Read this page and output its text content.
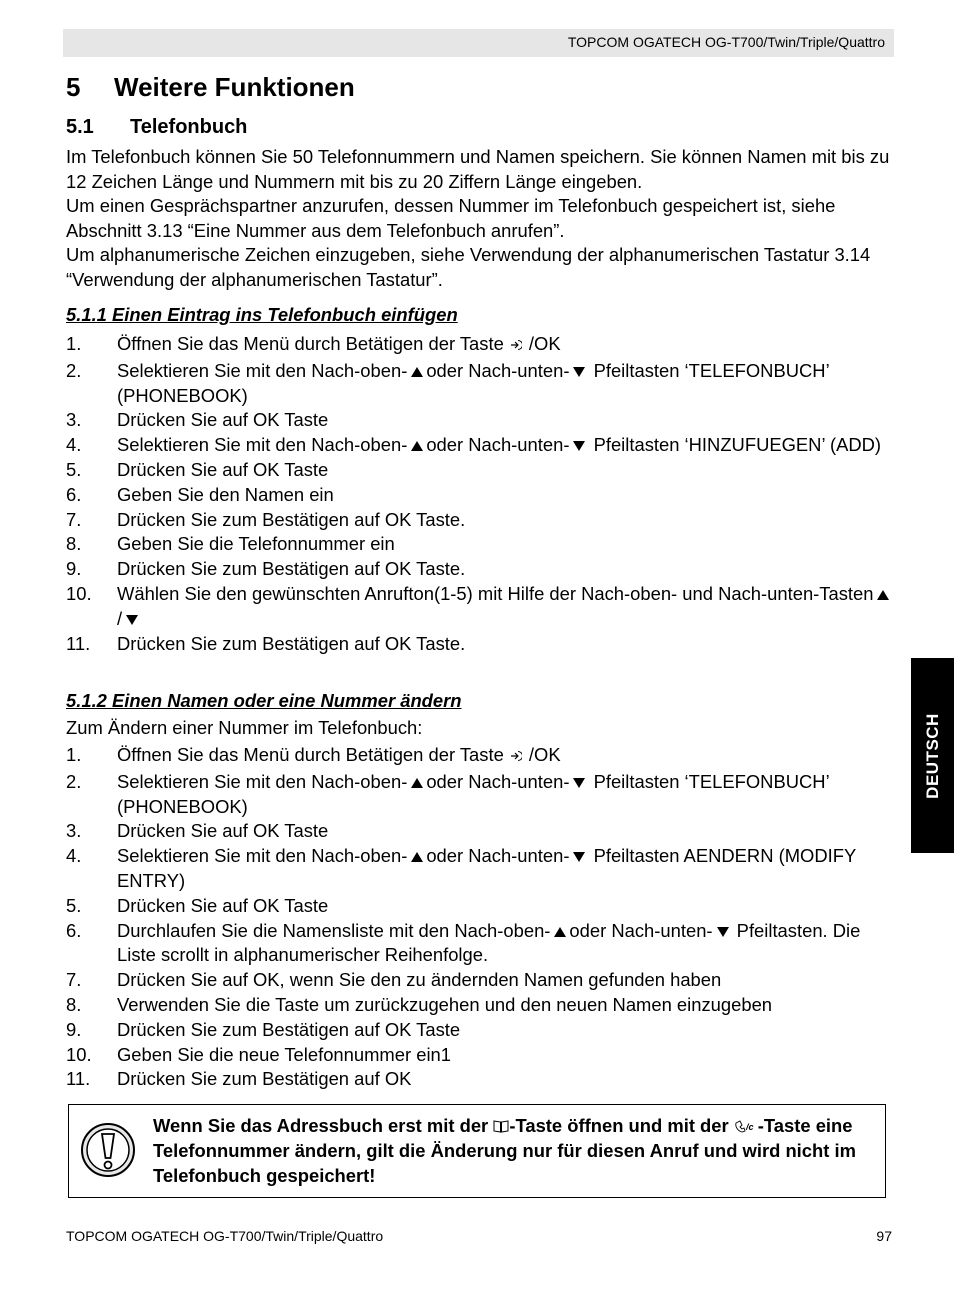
TOPCOM OGATECH OG-T700/Twin/Triple/Quattro
5 Weitere Funktionen
5.1 Telefonbuch

Im Telefonbuch können Sie 50 Telefonnummern und Namen speichern. Sie können Namen mit bis zu 12 Zeichen Länge und Nummern mit bis zu 20 Ziffern Länge eingeben.

Um einen Gesprächspartner anzurufen, dessen Nummer im Telefonbuch gespeichert ist, siehe Abschnitt 3.13 “Eine Nummer aus dem Telefonbuch anrufen”.

Um alphanumerische Zeichen einzugeben, siehe Verwendung der alphanumerischen Tastatur 3.14 “Verwendung der alphanumerischen Tastatur”.

5.1.1 Einen Eintrag ins Telefonbuch einfügen
1.	Öffnen Sie das Menü durch Betätigen der Taste /OK
2.	Selektieren Sie mit den Nach-oben- oder Nach-unten- Pfeiltasten ‘TELEFONBUCH’ (PHONEBOOK)
3.	Drücken Sie auf OK Taste
4.	Selektieren Sie mit den Nach-oben- oder Nach-unten- Pfeiltasten ‘HINZUFUEGEN’ (ADD)
5.	Drücken Sie auf OK Taste
6.	Geben Sie den Namen ein
7.	Drücken Sie zum Bestätigen auf OK Taste.
8.	Geben Sie die Telefonnummer ein
9.	Drücken Sie zum Bestätigen auf OK Taste.
10.	Wählen Sie den gewünschten Anrufton(1-5) mit Hilfe der Nach-oben- und Nach-unten-Tasten/
11.	Drücken Sie zum Bestätigen auf OK Taste.
5.1.2 Einen Namen oder eine Nummer ändern
Zum Ändern einer Nummer im Telefonbuch:
1.	Öffnen Sie das Menü durch Betätigen der Taste /OK
2.	Selektieren Sie mit den Nach-oben- oder Nach-unten- Pfeiltasten ‘TELEFONBUCH’ (PHONEBOOK)
3.	Drücken Sie auf OK Taste
4.	Selektieren Sie mit den Nach-oben- oder Nach-unten- Pfeiltasten AENDERN (MODIFY ENTRY)
5.	Drücken Sie auf OK Taste
6.	Durchlaufen Sie die Namensliste mit den Nach-oben- oder Nach-unten- Pfeiltasten. Die Liste scrollt in alphanumerischer Reihenfolge.
7.	Drücken Sie auf OK, wenn Sie den zu ändernden Namen gefunden haben
8.	Verwenden Sie die Taste um zurückzugehen und den neuen Namen einzugeben
9.	Drücken Sie zum Bestätigen auf OK Taste
10.	Geben Sie die neue Telefonnummer ein1
11.	Drücken Sie zum Bestätigen auf OK
DEUTSCH
Wenn Sie das Adressbuch erst mit der -Taste öffnen und mit der /c -Taste eine Telefonnummer ändern, gilt die Änderung nur für diesen Anruf und wird nicht im Telefonbuch gespeichert!
TOPCOM OGATECH OG-T700/Twin/Triple/Quattro	97
